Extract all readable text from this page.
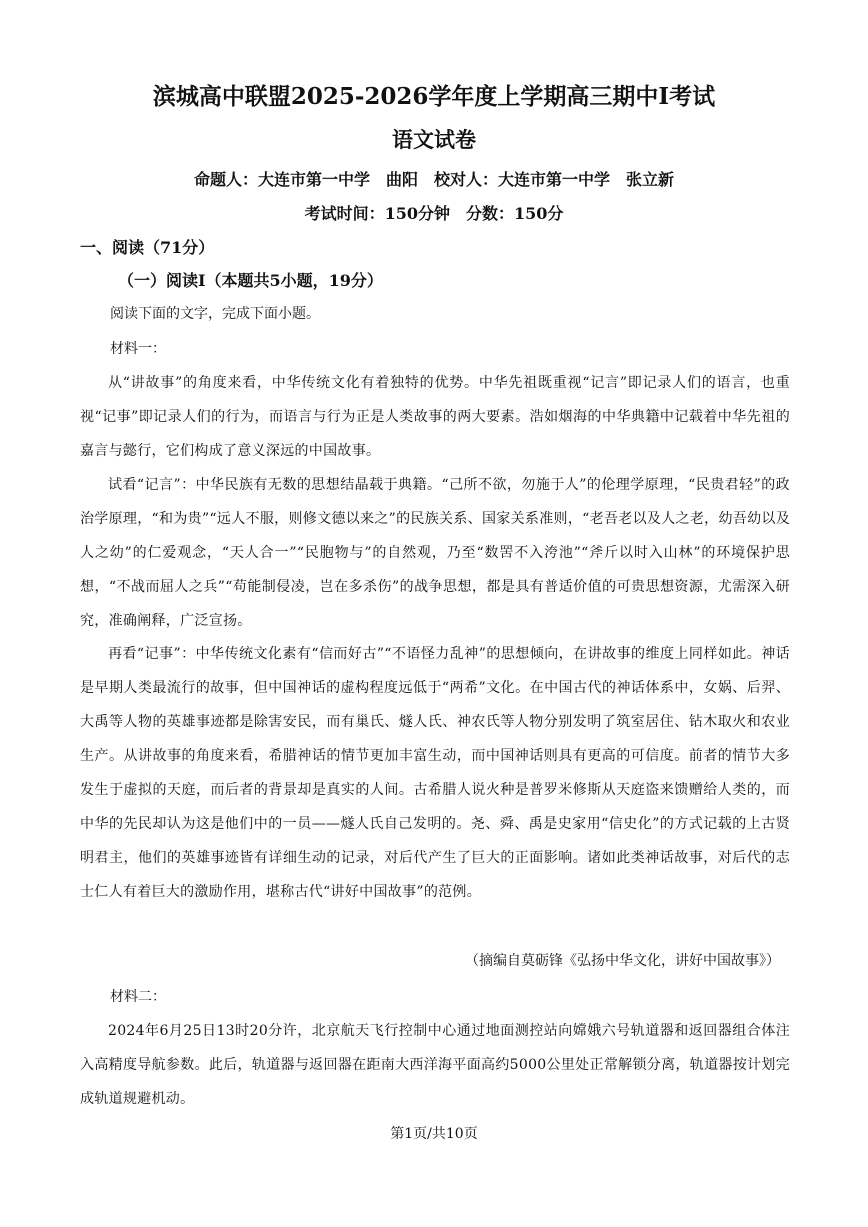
滨城高中联盟2025-2026学年度上学期高三期中Ⅰ考试
语文试卷
命题人：大连市第一中学　曲阳　校对人：大连市第一中学　张立新
考试时间：150分钟　分数：150分
一、阅读（71分）
（一）阅读Ⅰ（本题共5小题，19分）
阅读下面的文字，完成下面小题。
材料一：
从“讲故事”的角度来看，中华传统文化有着独特的优势。中华先祖既重视“记言”即记录人们的语言，也重视“记事”即记录人们的行为，而语言与行为正是人类故事的两大要素。浩如烟海的中华典籍中记载着中华先祖的嘉言与懿行，它们构成了意义深远的中国故事。
试看“记言”：中华民族有无数的思想结晶载于典籍。“己所不欲，勿施于人”的伦理学原理，“民贵君轻”的政治学原理，“和为贵”“远人不服，则修文德以来之”的民族关系、国家关系准则，“老吾老以及人之老，幼吾幼以及人之幼”的仁爱观念，“天人合一”“民胞物与”的自然观，乃至“数罟不入洿池”“斧斤以时入山林”的环境保护思想，“不战而屈人之兵”“苟能制侵凌，岂在多杀伤”的战争思想，都是具有普适价值的可贵思想资源，尤需深入研究，准确阐释，广泛宣扬。
再看“记事”：中华传统文化素有“信而好古”“不语怪力乱神”的思想倾向，在讲故事的维度上同样如此。神话是早期人类最流行的故事，但中国神话的虚构程度远低于“两希”文化。在中国古代的神话体系中，女娲、后羿、大禹等人物的英雄事迹都是除害安民，而有巢氏、燧人氏、神农氏等人物分别发明了筑室居住、钻木取火和农业生产。从讲故事的角度来看，希腊神话的情节更加丰富生动，而中国神话则具有更高的可信度。前者的情节大多发生于虚拟的天庭，而后者的背景却是真实的人间。古希腊人说火种是普罗米修斯从天庭盗来馈赠给人类的，而中华的先民却认为这是他们中的一员——燧人氏自己发明的。尧、舜、禹是史家用“信史化”的方式记载的上古贤明君主，他们的英雄事迹皆有详细生动的记录，对后代产生了巨大的正面影响。诸如此类神话故事，对后代的志士仁人有着巨大的激励作用，堪称古代“讲好中国故事”的范例。
（摘编自莫砺锋《弘扬中华文化，讲好中国故事》）
材料二：
2024年6月25日13时20分许，北京航天飞行控制中心通过地面测控站向嫦娥六号轨道器和返回器组合体注入高精度导航参数。此后，轨道器与返回器在距南大西洋海平面高约5000公里处正常解锁分离，轨道器按计划完成轨道规避机动。
第1页/共10页
